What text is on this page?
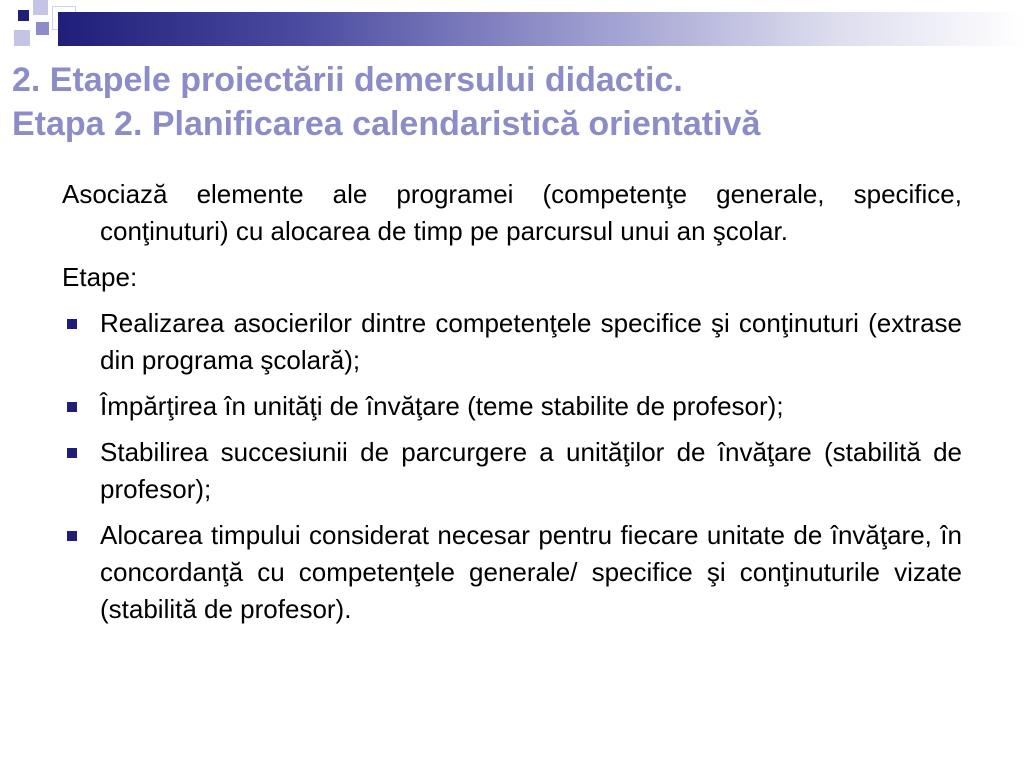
2. Etapele proiectării demersului didactic.
Etapa 2. Planificarea calendaristică orientativă

Asociază elemente ale programei (competenţe generale, specifice, conţinuturi) cu alocarea de timp pe parcursul unui an şcolar.

Etape:

Realizarea asocierilor dintre competenţele specifice şi conţinuturi (extrase din programa şcolară);
Împărţirea în unităţi de învăţare (teme stabilite de profesor);
Stabilirea succesiunii de parcurgere a unităţilor de învăţare (stabilită de profesor);
Alocarea timpului considerat necesar pentru fiecare unitate de învăţare, în concordanţă cu competenţele generale/ specifice şi conţinuturile vizate (stabilită de profesor).
